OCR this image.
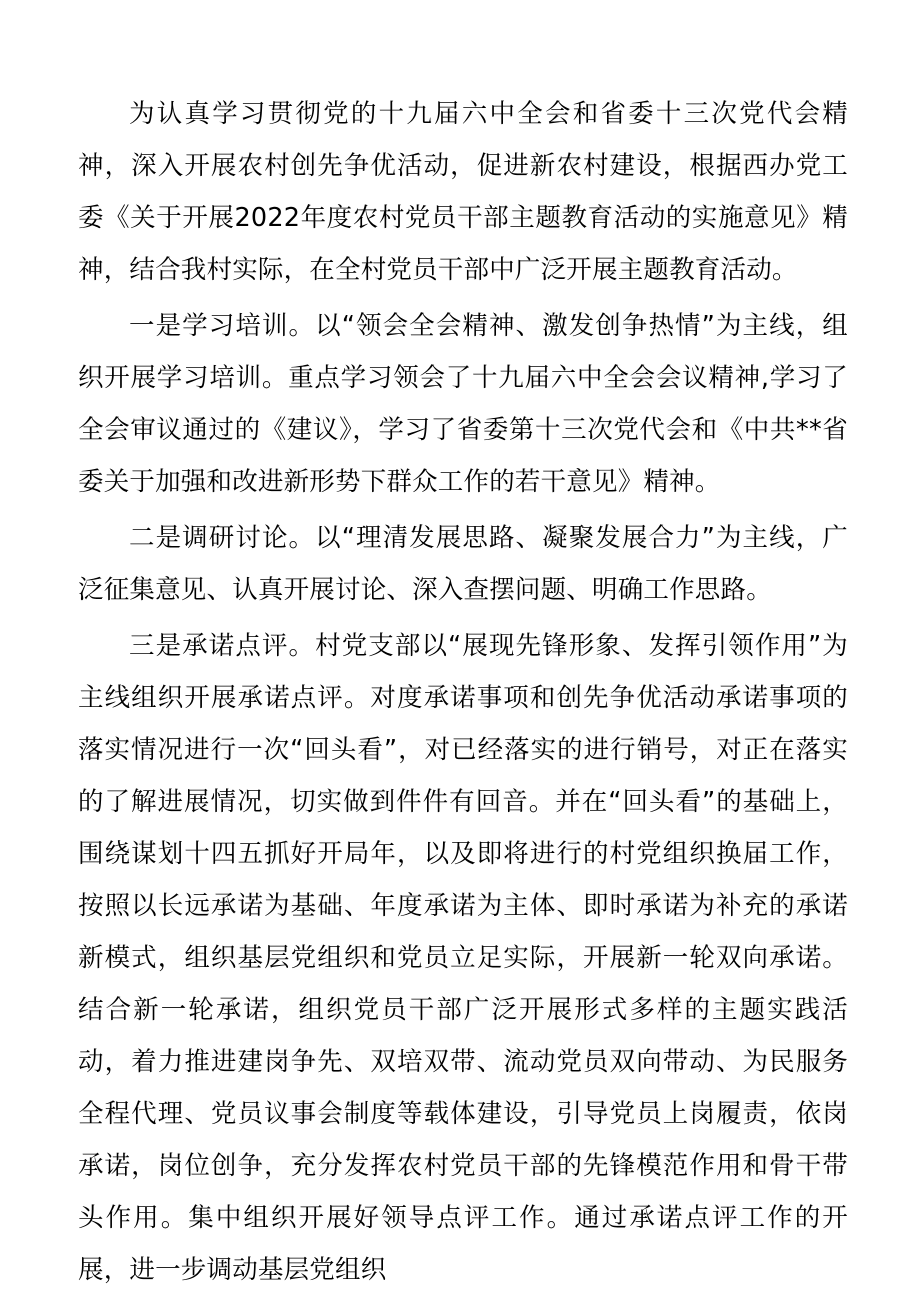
为认真学习贯彻党的十九届六中全会和省委十三次党代会精神，深入开展农村创先争优活动，促进新农村建设，根据西办党工委《关于开展2022年度农村党员干部主题教育活动的实施意见》精神，结合我村实际，在全村党员干部中广泛开展主题教育活动。

一是学习培训。以“领会全会精神、激发创争热情”为主线，组织开展学习培训。重点学习领会了十九届六中全会会议精神,学习了全会审议通过的《建议》，学习了省委第十三次党代会和《中共**省委关于加强和改进新形势下群众工作的若干意见》精神。

二是调研讨论。以“理清发展思路、凝聚发展合力”为主线，广泛征集意见、认真开展讨论、深入查摆问题、明确工作思路。

三是承诺点评。村党支部以“展现先锋形象、发挥引领作用”为主线组织开展承诺点评。对度承诺事项和创先争优活动承诺事项的落实情况进行一次“回头看”，对已经落实的进行销号，对正在落实的了解进展情况，切实做到件件有回音。并在“回头看”的基础上，围绕谋划十四五抓好开局年，以及即将进行的村党组织换届工作，按照以长远承诺为基础、年度承诺为主体、即时承诺为补充的承诺新模式，组织基层党组织和党员立足实际，开展新一轮双向承诺。结合新一轮承诺，组织党员干部广泛开展形式多样的主题实践活动，着力推进建岗争先、双培双带、流动党员双向带动、为民服务全程代理、党员议事会制度等载体建设，引导党员上岗履责，依岗承诺，岗位创争，充分发挥农村党员干部的先锋模范作用和骨干带头作用。集中组织开展好领导点评工作。通过承诺点评工作的开展，进一步调动基层党组织
